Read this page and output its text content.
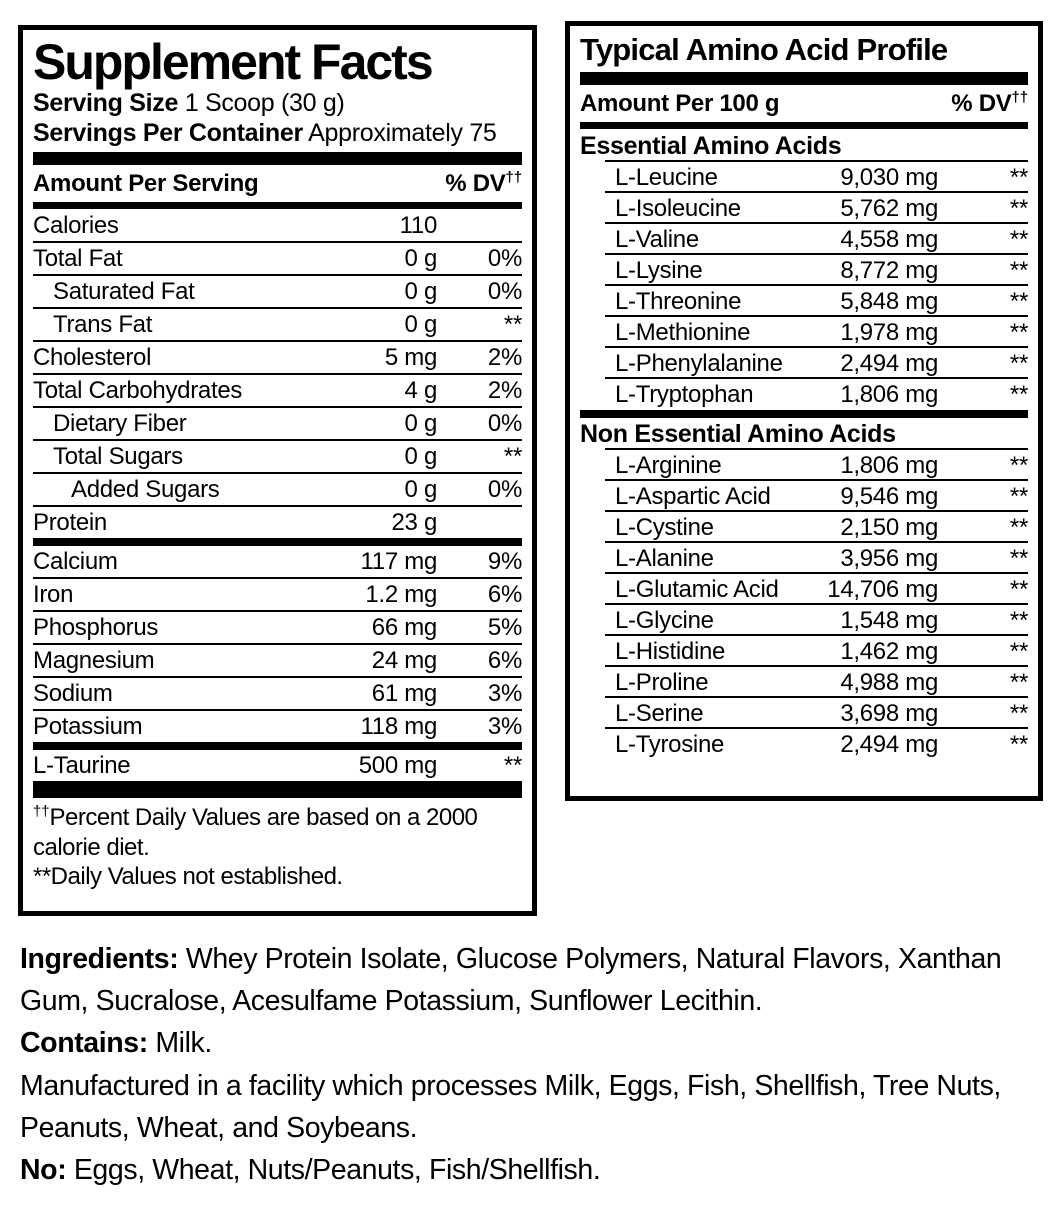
Supplement Facts
Serving Size 1 Scoop (30 g)
Servings Per Container Approximately 75
Amount Per Serving	% DV††
Calories	110
Total Fat	0 g	0%
Saturated Fat	0 g	0%
Trans Fat	0 g	**
Cholesterol	5 mg	2%
Total Carbohydrates	4 g	2%
Dietary Fiber	0 g	0%
Total Sugars	0 g	**
Added Sugars	0 g	0%
Protein	23 g
Calcium	117 mg	9%
Iron	1.2 mg	6%
Phosphorus	66 mg	5%
Magnesium	24 mg	6%
Sodium	61 mg	3%
Potassium	118 mg	3%
L-Taurine	500 mg	**

††Percent Daily Values are based on a 2000 calorie diet.

**Daily Values not established.

Typical Amino Acid Profile
Amount Per 100 g	% DV††
Essential Amino Acids
L-Leucine	9,030 mg	**
L-Isoleucine	5,762 mg	**
L-Valine	4,558 mg	**
L-Lysine	8,772 mg	**
L-Threonine	5,848 mg	**
L-Methionine	1,978 mg	**
L-Phenylalanine	2,494 mg	**
L-Tryptophan	1,806 mg	**
Non Essential Amino Acids
L-Arginine	1,806 mg	**
L-Aspartic Acid	9,546 mg	**
L-Cystine	2,150 mg	**
L-Alanine	3,956 mg	**
L-Glutamic Acid	14,706 mg	**
L-Glycine	1,548 mg	**
L-Histidine	1,462 mg	**
L-Proline	4,988 mg	**
L-Serine	3,698 mg	**
L-Tyrosine	2,494 mg	**

Ingredients: Whey Protein Isolate, Glucose Polymers, Natural Flavors, Xanthan Gum, Sucralose, Acesulfame Potassium, Sunflower Lecithin.

Contains: Milk.

Manufactured in a facility which processes Milk, Eggs, Fish, Shellfish, Tree Nuts, Peanuts, Wheat, and Soybeans.

No: Eggs, Wheat, Nuts/Peanuts, Fish/Shellfish.
